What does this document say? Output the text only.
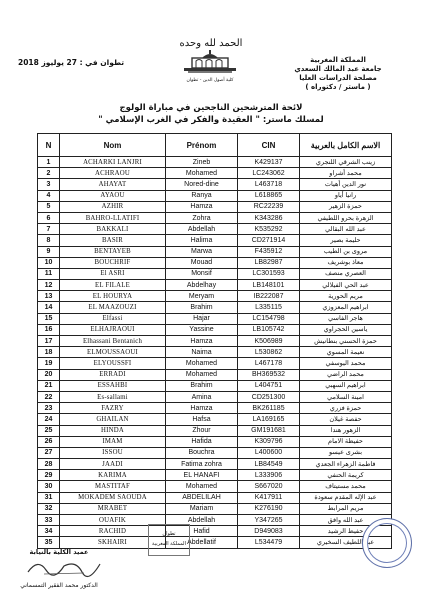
الحمد لله وحده
تطوان في : 27 يوليوز 2018	المملكة المغربية
جامعة عبد المالك السعدي
مصلحة الدراسات العليا
( ماستر / دكتوراه )
كلية أصول الدين - تطوان
لائحة المترشحين الناجحين في مباراة الولوج
لمسلك ماستر: " العقيدة والفكر في الغرب الإسلامي "
N	Nom	Prénom	CIN	الاسم الكامل بالعربية
1	ACHARKI LANJRI	Zineb	K429137	زينب الشرقي اللنجري
2	ACHRAOU	Mohamed	LC243062	محمد أشراو
3	AHAYAT	Nored-dine	L463718	نور الدين أهيات
4	AYAOU	Ranya	L618865	رانيا أياو
5	AZHIR	Hamza	RC22239	حمزة الزهير
6	BAHRO-LLATIFI	Zohra	K343286	الزهرة بحرو اللطيفي
7	BAKKALI	Abdellah	K535292	عبد الله البقالي
8	BASIR	Halima	CD271914	حليمة بصير
9	BENTAYEB	Marwa	F435912	مروى بن الطيب
10	BOUCHRIF	Mouad	LB82987	معاذ بوشريف
11	El ASRI	Monsif	LC301593	العصري منصف
12	EL FILALE	Abdelhay	LB148101	عبد الحي الفيلالي
13	EL HOURYA	Meryam	IB222087	مريم الحورية
14	EL MAAZOUZI	Brahim	L335115	ابراهيم المعزوزي
15	Elfassi	Hajar	LC154798	هاجر الفاسي
16	ELHAJRAOUI	Yassine	LB105742	ياسين الحجراوي
17	Elhassani Bentanich	Hamza	K506989	حمزة الحسني بنطانيش
18	ELMOUSSAOUI	Naima	L530862	نعيمة المسوي
19	ELYOUSSFI	Mohamed	L467178	محمد اليوسفي
20	ERRADI	Mohamed	BH369532	محمد الراضي
21	ESSAHBI	Brahim	L404751	ابراهيم السهبي
22	Es-sallami	Amina	CD251300	امينة السلامي
23	FAZRY	Hamza	BK261185	حمزة فزري
24	GHAILAN	Hafsa	LA169165	حفصة غيلان
25	HINDA	Zhour	GM191681	الزهور هندا
26	IMAM	Hafida	K309796	حفيظة الامام
27	ISSOU	Bouchra	L400600	بشرى عيسو
28	JAADI	Fatima zohra	LB84549	فاطمة الزهراء الجعدي
29	KARIMA	EL HANAFI	L333906	كريمة الحنفي
30	MASTITAF	Mohamed	S667020	محمد مستيتاف
31	MOKADEM SAOUDA	ABDELILAH	K417911	عبد الإله المقدم سعودة
32	MRABET	Mariam	K276190	مريم المرابط
33	OUAFIK	Abdellah	Y347265	عبد الله وافق
34	RACHID	Hafid	D949083	حفيظ الرشيد
35	SKHAIRI	Abdellatif	L534479	عبد اللطيف السخيري
تطوان
المملكة المغربية
عميد الكلية بالنيابة
الدكتور محمد الفقير التمسماني
